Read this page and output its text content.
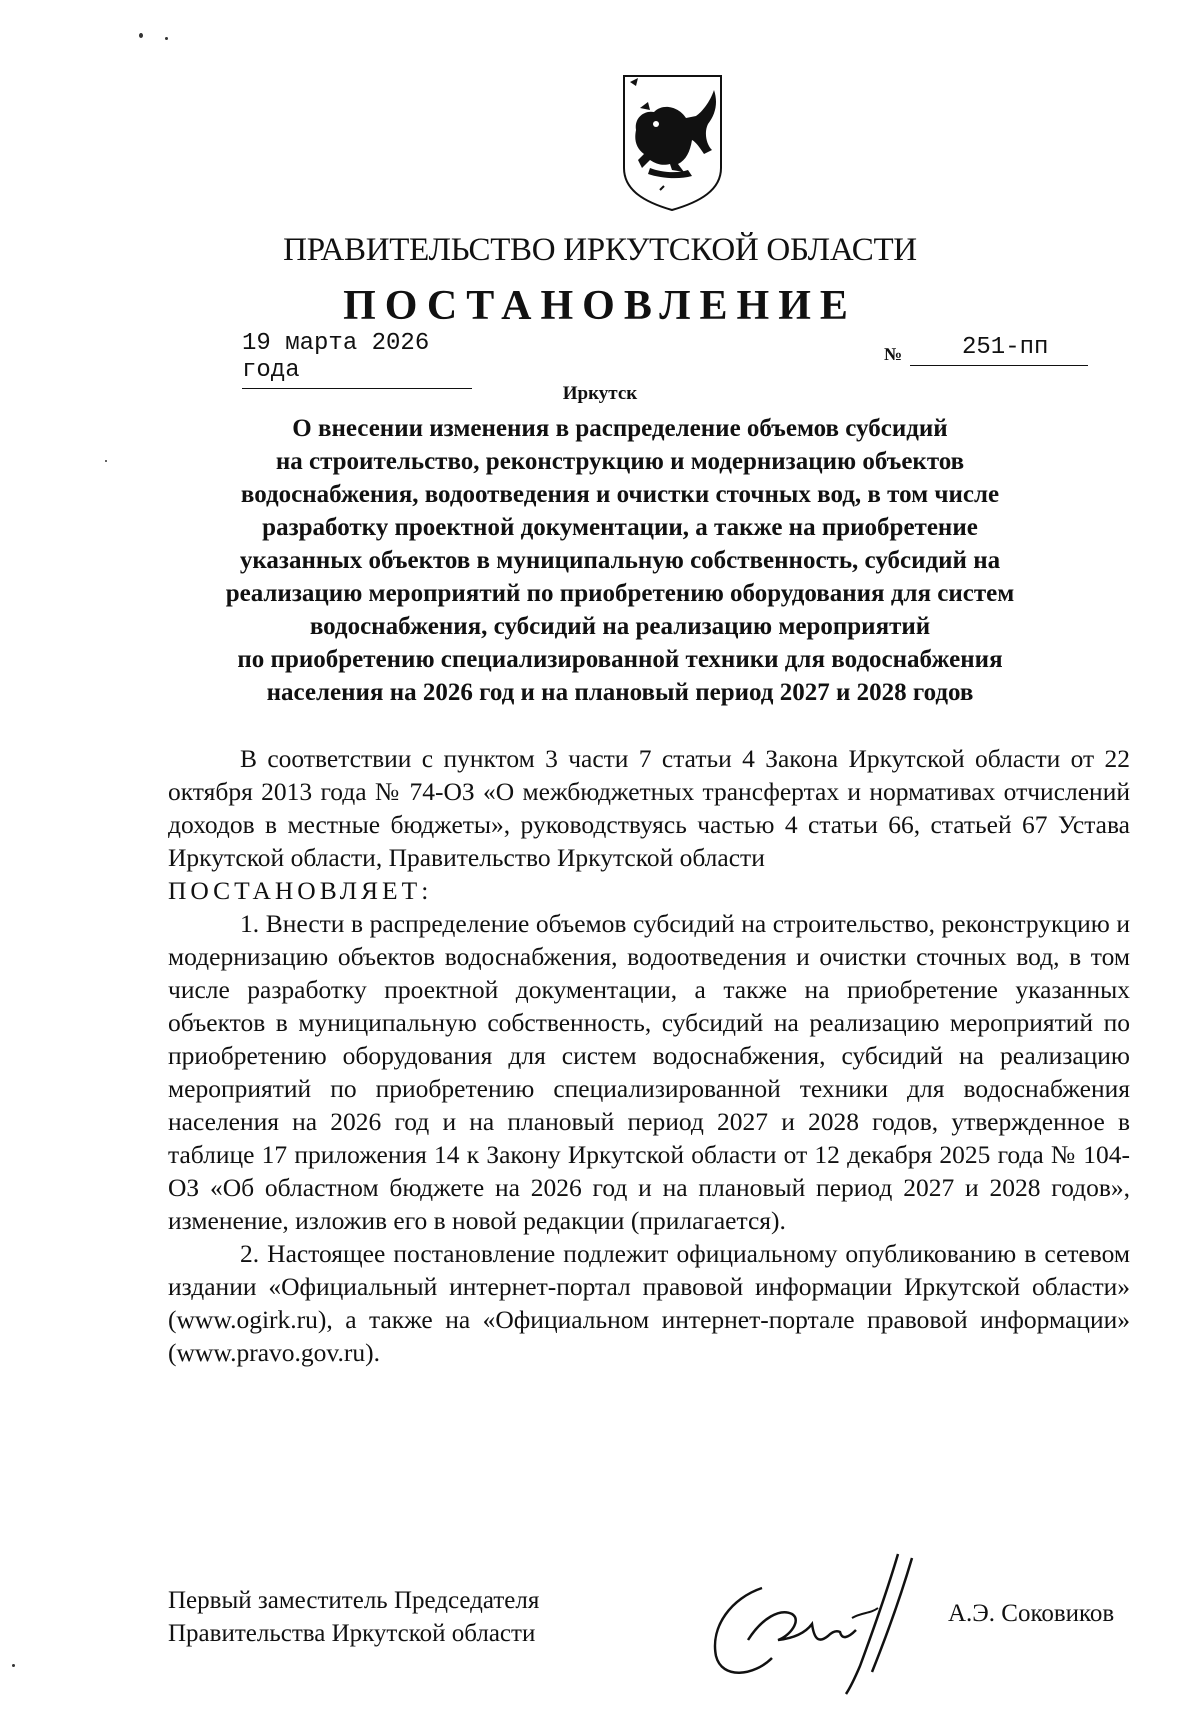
ПРАВИТЕЛЬСТВО ИРКУТСКОЙ ОБЛАСТИ
ПОСТАНОВЛЕНИЕ
19 марта 2026 года
№	251-пп
Иркутск
О внесении изменения в распределение объемов субсидий
на строительство, реконструкцию и модернизацию объектов
водоснабжения, водоотведения и очистки сточных вод, в том числе
разработку проектной документации, а также на приобретение
указанных объектов в муниципальную собственность, субсидий на
реализацию мероприятий по приобретению оборудования для систем
водоснабжения, субсидий на реализацию мероприятий
по приобретению специализированной техники для водоснабжения
населения на 2026 год и на плановый период 2027 и 2028 годов

В соответствии с пунктом 3 части 7 статьи 4 Закона Иркутской области от 22 октября 2013 года № 74-ОЗ «О межбюджетных трансфертах и нормативах отчислений доходов в местные бюджеты», руководствуясь частью 4 статьи 66, статьей 67 Устава Иркутской области, Правительство Иркутской области

ПОСТАНОВЛЯЕТ:

1. Внести в распределение объемов субсидий на строительство, реконструкцию и модернизацию объектов водоснабжения, водоотведения и очистки сточных вод, в том числе разработку проектной документации, а также на приобретение указанных объектов в муниципальную собственность, субсидий на реализацию мероприятий по приобретению оборудования для систем водоснабжения, субсидий на реализацию мероприятий по приобретению специализированной техники для водоснабжения населения на 2026 год и на плановый период 2027 и 2028 годов, утвержденное в таблице 17 приложения 14 к Закону Иркутской области от 12 декабря 2025 года № 104-ОЗ «Об областном бюджете на 2026 год и на плановый период 2027 и 2028 годов», изменение, изложив его в новой редакции (прилагается).

2. Настоящее постановление подлежит официальному опубликованию в сетевом издании «Официальный интернет-портал правовой информации Иркутской области» (www.ogirk.ru), а также на «Официальном интернет-портале правовой информации» (www.pravo.gov.ru).

Первый заместитель Председателя
Правительства Иркутской области
А.Э. Соковиков
